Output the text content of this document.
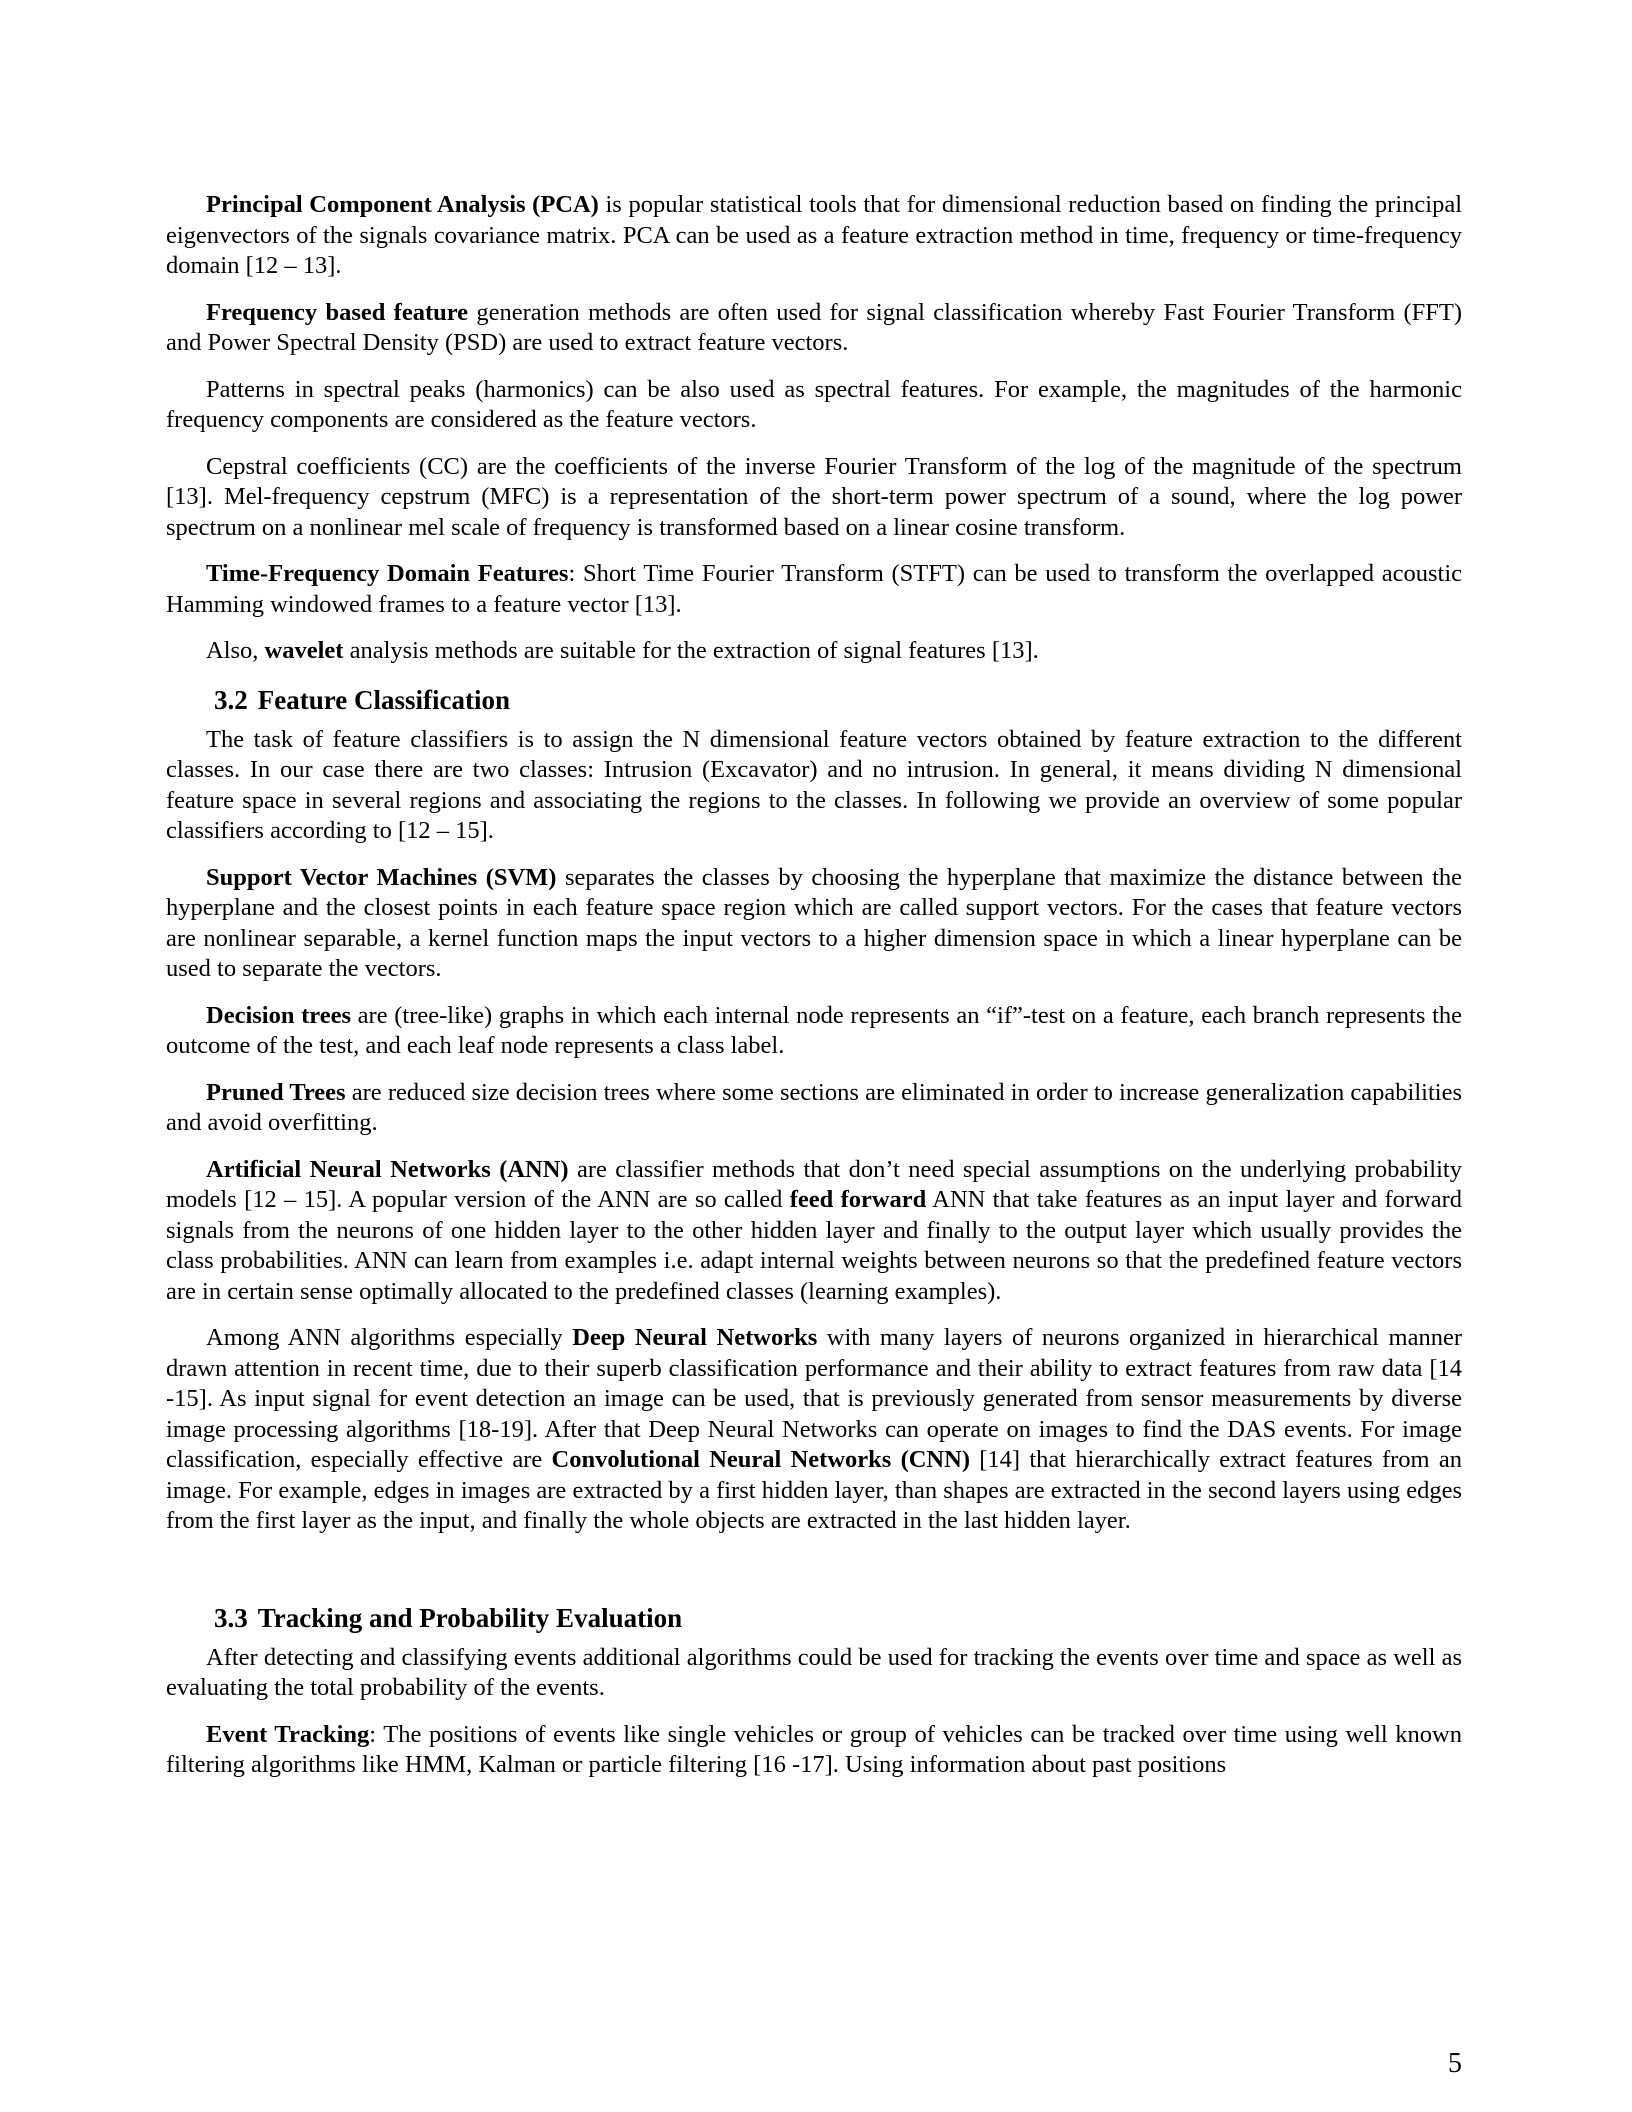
Principal Component Analysis (PCA) is popular statistical tools that for dimensional reduction based on finding the principal eigenvectors of the signals covariance matrix. PCA can be used as a feature extraction method in time, frequency or time-frequency domain [12 – 13].

Frequency based feature generation methods are often used for signal classification whereby Fast Fourier Transform (FFT) and Power Spectral Density (PSD) are used to extract feature vectors.

Patterns in spectral peaks (harmonics) can be also used as spectral features. For example, the magnitudes of the harmonic frequency components are considered as the feature vectors.

Cepstral coefficients (CC) are the coefficients of the inverse Fourier Transform of the log of the magnitude of the spectrum [13]. Mel-frequency cepstrum (MFC) is a representation of the short-term power spectrum of a sound, where the log power spectrum on a nonlinear mel scale of frequency is transformed based on a linear cosine transform.

Time-Frequency Domain Features: Short Time Fourier Transform (STFT) can be used to transform the overlapped acoustic Hamming windowed frames to a feature vector [13].

Also, wavelet analysis methods are suitable for the extraction of signal features [13].

3.2 Feature Classification

The task of feature classifiers is to assign the N dimensional feature vectors obtained by feature extraction to the different classes. In our case there are two classes: Intrusion (Excavator) and no intrusion. In general, it means dividing N dimensional feature space in several regions and associating the regions to the classes. In following we provide an overview of some popular classifiers according to [12 – 15].

Support Vector Machines (SVM) separates the classes by choosing the hyperplane that maximize the distance between the hyperplane and the closest points in each feature space region which are called support vectors. For the cases that feature vectors are nonlinear separable, a kernel function maps the input vectors to a higher dimension space in which a linear hyperplane can be used to separate the vectors.

Decision trees are (tree-like) graphs in which each internal node represents an “if”-test on a feature, each branch represents the outcome of the test, and each leaf node represents a class label.

Pruned Trees are reduced size decision trees where some sections are eliminated in order to increase generalization capabilities and avoid overfitting.

Artificial Neural Networks (ANN) are classifier methods that don’t need special assumptions on the underlying probability models [12 – 15]. A popular version of the ANN are so called feed forward ANN that take features as an input layer and forward signals from the neurons of one hidden layer to the other hidden layer and finally to the output layer which usually provides the class probabilities. ANN can learn from examples i.e. adapt internal weights between neurons so that the predefined feature vectors are in certain sense optimally allocated to the predefined classes (learning examples).

Among ANN algorithms especially Deep Neural Networks with many layers of neurons organized in hierarchical manner drawn attention in recent time, due to their superb classification performance and their ability to extract features from raw data [14 -15]. As input signal for event detection an image can be used, that is previously generated from sensor measurements by diverse image processing algorithms [18-19]. After that Deep Neural Networks can operate on images to find the DAS events. For image classification, especially effective are Convolutional Neural Networks (CNN) [14] that hierarchically extract features from an image. For example, edges in images are extracted by a first hidden layer, than shapes are extracted in the second layers using edges from the first layer as the input, and finally the whole objects are extracted in the last hidden layer.

3.3 Tracking and Probability Evaluation

After detecting and classifying events additional algorithms could be used for tracking the events over time and space as well as evaluating the total probability of the events.

Event Tracking: The positions of events like single vehicles or group of vehicles can be tracked over time using well known filtering algorithms like HMM, Kalman or particle filtering [16 -17]. Using information about past positions

5
